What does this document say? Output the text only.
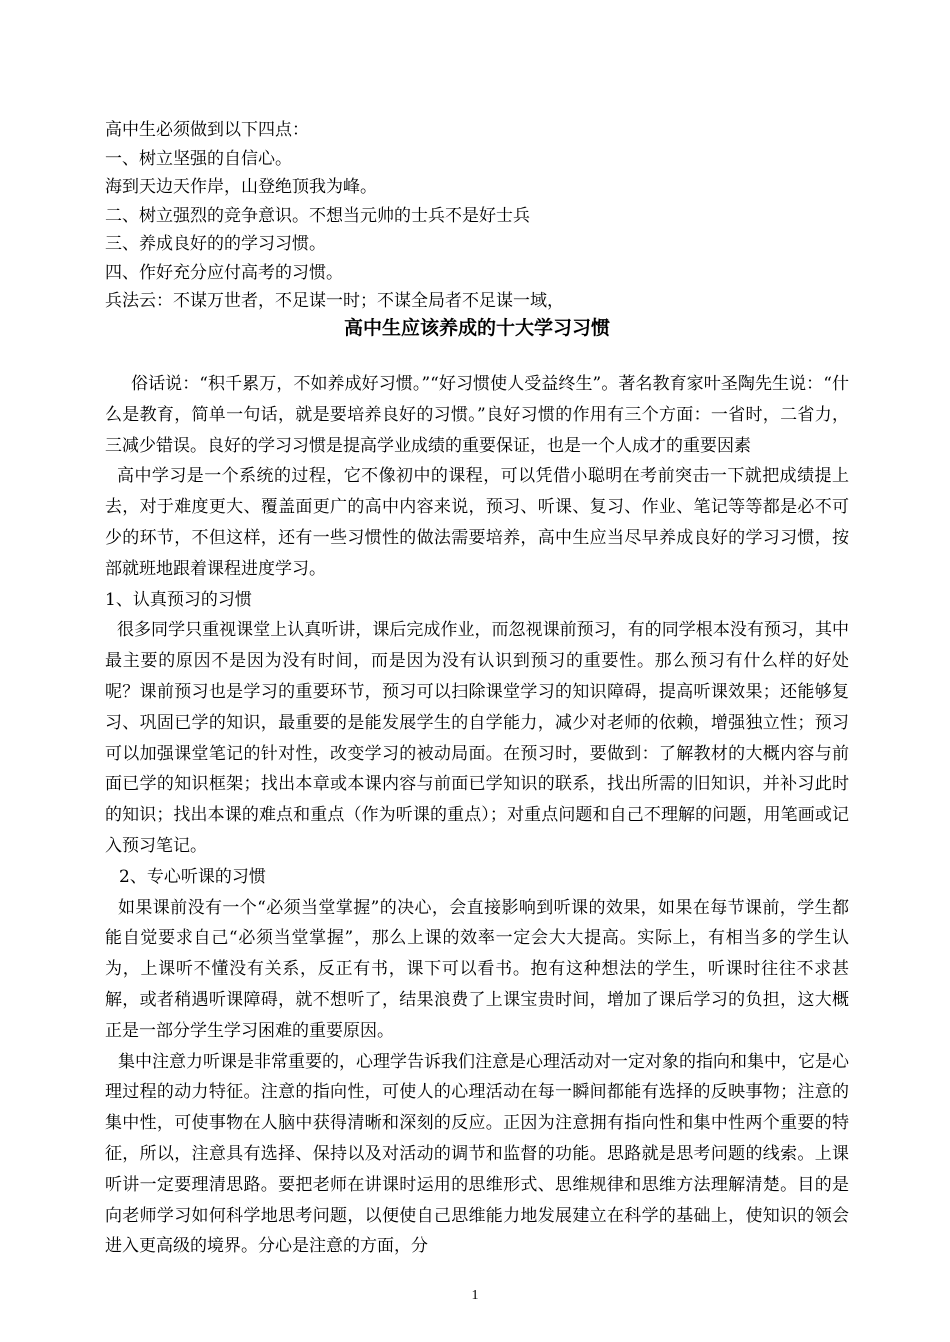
高中生必须做到以下四点：
一、树立坚强的自信心。
海到天边天作岸，山登绝顶我为峰。
二、树立强烈的竞争意识。不想当元帅的士兵不是好士兵
三、养成良好的的学习习惯。
四、作好充分应付高考的习惯。
兵法云：不谋万世者，不足谋一时；不谋全局者不足谋一域，
高中生应该养成的十大学习习惯

俗话说：“积千累万，不如养成好习惯。”“好习惯使人受益终生”。著名教育家叶圣陶先生说：“什么是教育，简单一句话，就是要培养良好的习惯。”良好习惯的作用有三个方面：一省时，二省力，三减少错误。良好的学习习惯是提高学业成绩的重要保证，也是一个人成才的重要因素

高中学习是一个系统的过程，它不像初中的课程，可以凭借小聪明在考前突击一下就把成绩提上去，对于难度更大、覆盖面更广的高中内容来说，预习、听课、复习、作业、笔记等等都是必不可少的环节，不但这样，还有一些习惯性的做法需要培养，高中生应当尽早养成良好的学习习惯，按部就班地跟着课程进度学习。

1、认真预习的习惯

很多同学只重视课堂上认真听讲，课后完成作业，而忽视课前预习，有的同学根本没有预习，其中最主要的原因不是因为没有时间，而是因为没有认识到预习的重要性。那么预习有什么样的好处呢？课前预习也是学习的重要环节，预习可以扫除课堂学习的知识障碍，提高听课效果；还能够复习、巩固已学的知识，最重要的是能发展学生的自学能力，减少对老师的依赖，增强独立性；预习可以加强课堂笔记的针对性，改变学习的被动局面。在预习时，要做到：了解教材的大概内容与前面已学的知识框架；找出本章或本课内容与前面已学知识的联系，找出所需的旧知识，并补习此时的知识；找出本课的难点和重点（作为听课的重点）；对重点问题和自己不理解的问题，用笔画或记入预习笔记。

2、专心听课的习惯

如果课前没有一个“必须当堂掌握”的决心，会直接影响到听课的效果，如果在每节课前，学生都能自觉要求自己“必须当堂掌握”，那么上课的效率一定会大大提高。实际上，有相当多的学生认为，上课听不懂没有关系，反正有书，课下可以看书。抱有这种想法的学生，听课时往往不求甚解，或者稍遇听课障碍，就不想听了，结果浪费了上课宝贵时间，增加了课后学习的负担，这大概正是一部分学生学习困难的重要原因。

集中注意力听课是非常重要的，心理学告诉我们注意是心理活动对一定对象的指向和集中，它是心理过程的动力特征。注意的指向性，可使人的心理活动在每一瞬间都能有选择的反映事物；注意的集中性，可使事物在人脑中获得清晰和深刻的反应。正因为注意拥有指向性和集中性两个重要的特征，所以，注意具有选择、保持以及对活动的调节和监督的功能。思路就是思考问题的线索。上课听讲一定要理清思路。要把老师在讲课时运用的思维形式、思维规律和思维方法理解清楚。目的是向老师学习如何科学地思考问题，以便使自己思维能力地发展建立在科学的基础上，使知识的领会进入更高级的境界。分心是注意的方面，分

1
